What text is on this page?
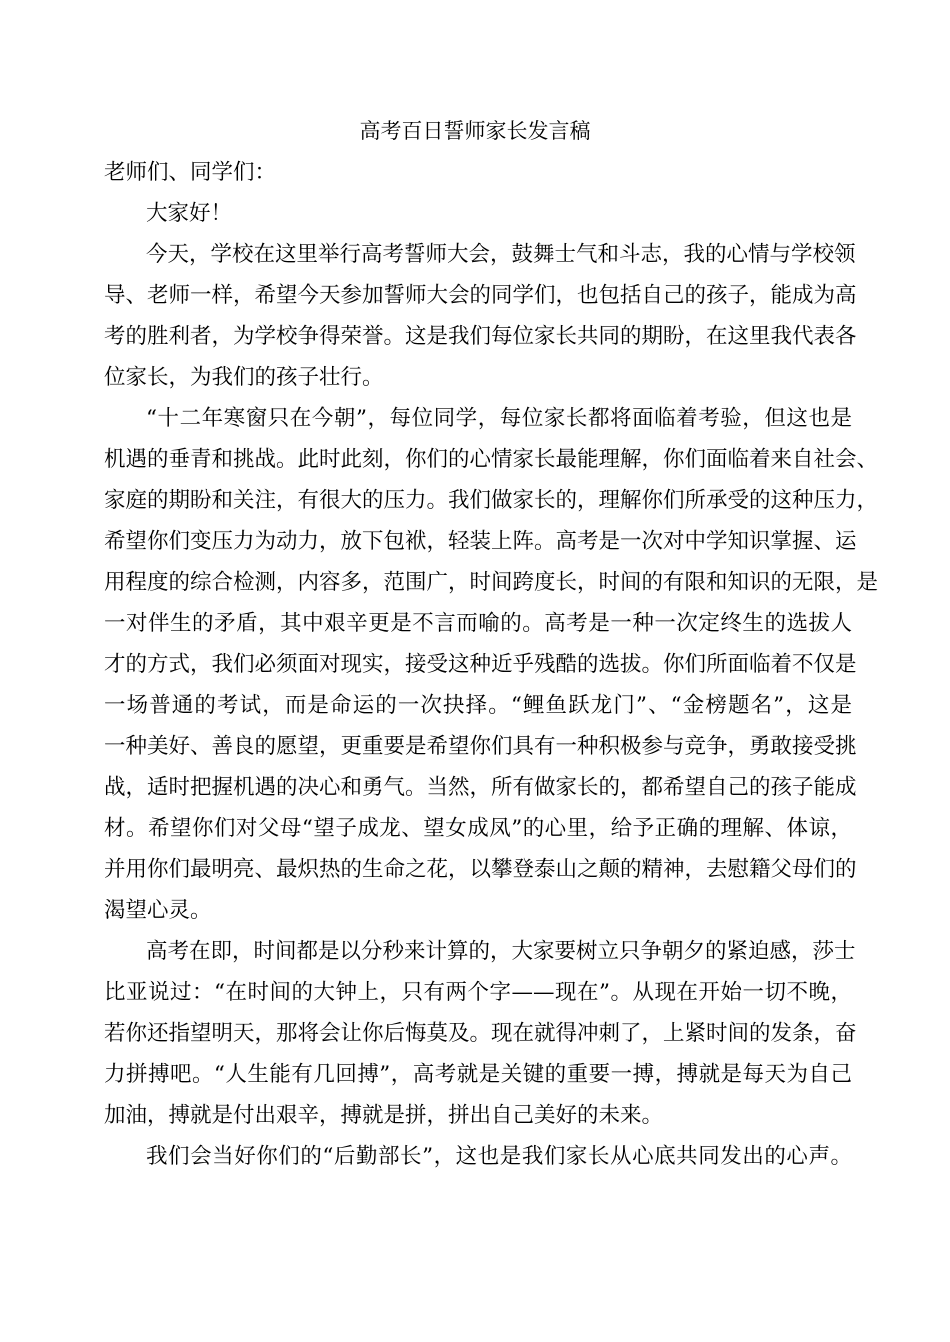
高考百日誓师家长发言稿
老师们、同学们：
大家好！
今天，学校在这里举行高考誓师大会，鼓舞士气和斗志，我的心情与学校领
导、老师一样，希望今天参加誓师大会的同学们，也包括自己的孩子，能成为高
考的胜利者，为学校争得荣誉。这是我们每位家长共同的期盼，在这里我代表各
位家长，为我们的孩子壮行。
“十二年寒窗只在今朝”，每位同学，每位家长都将面临着考验，但这也是
机遇的垂青和挑战。此时此刻，你们的心情家长最能理解，你们面临着来自社会、
家庭的期盼和关注，有很大的压力。我们做家长的，理解你们所承受的这种压力，
希望你们变压力为动力，放下包袱，轻装上阵。高考是一次对中学知识掌握、运
用程度的综合检测，内容多，范围广，时间跨度长，时间的有限和知识的无限，是
一对伴生的矛盾，其中艰辛更是不言而喻的。高考是一种一次定终生的选拔人
才的方式，我们必须面对现实，接受这种近乎残酷的选拔。你们所面临着不仅是
一场普通的考试，而是命运的一次抉择。“鲤鱼跃龙门”、“金榜题名”，这是
一种美好、善良的愿望，更重要是希望你们具有一种积极参与竞争，勇敢接受挑
战，适时把握机遇的决心和勇气。当然，所有做家长的，都希望自己的孩子能成
材。希望你们对父母“望子成龙、望女成凤”的心里，给予正确的理解、体谅，
并用你们最明亮、最炽热的生命之花，以攀登泰山之颠的精神，去慰籍父母们的
渴望心灵。
高考在即，时间都是以分秒来计算的，大家要树立只争朝夕的紧迫感，莎士
比亚说过：“在时间的大钟上，只有两个字——现在”。从现在开始一切不晚，
若你还指望明天，那将会让你后悔莫及。现在就得冲刺了，上紧时间的发条，奋
力拼搏吧。“人生能有几回搏”，高考就是关键的重要一搏，搏就是每天为自己
加油，搏就是付出艰辛，搏就是拼，拼出自己美好的未来。
我们会当好你们的“后勤部长”，这也是我们家长从心底共同发出的心声。
